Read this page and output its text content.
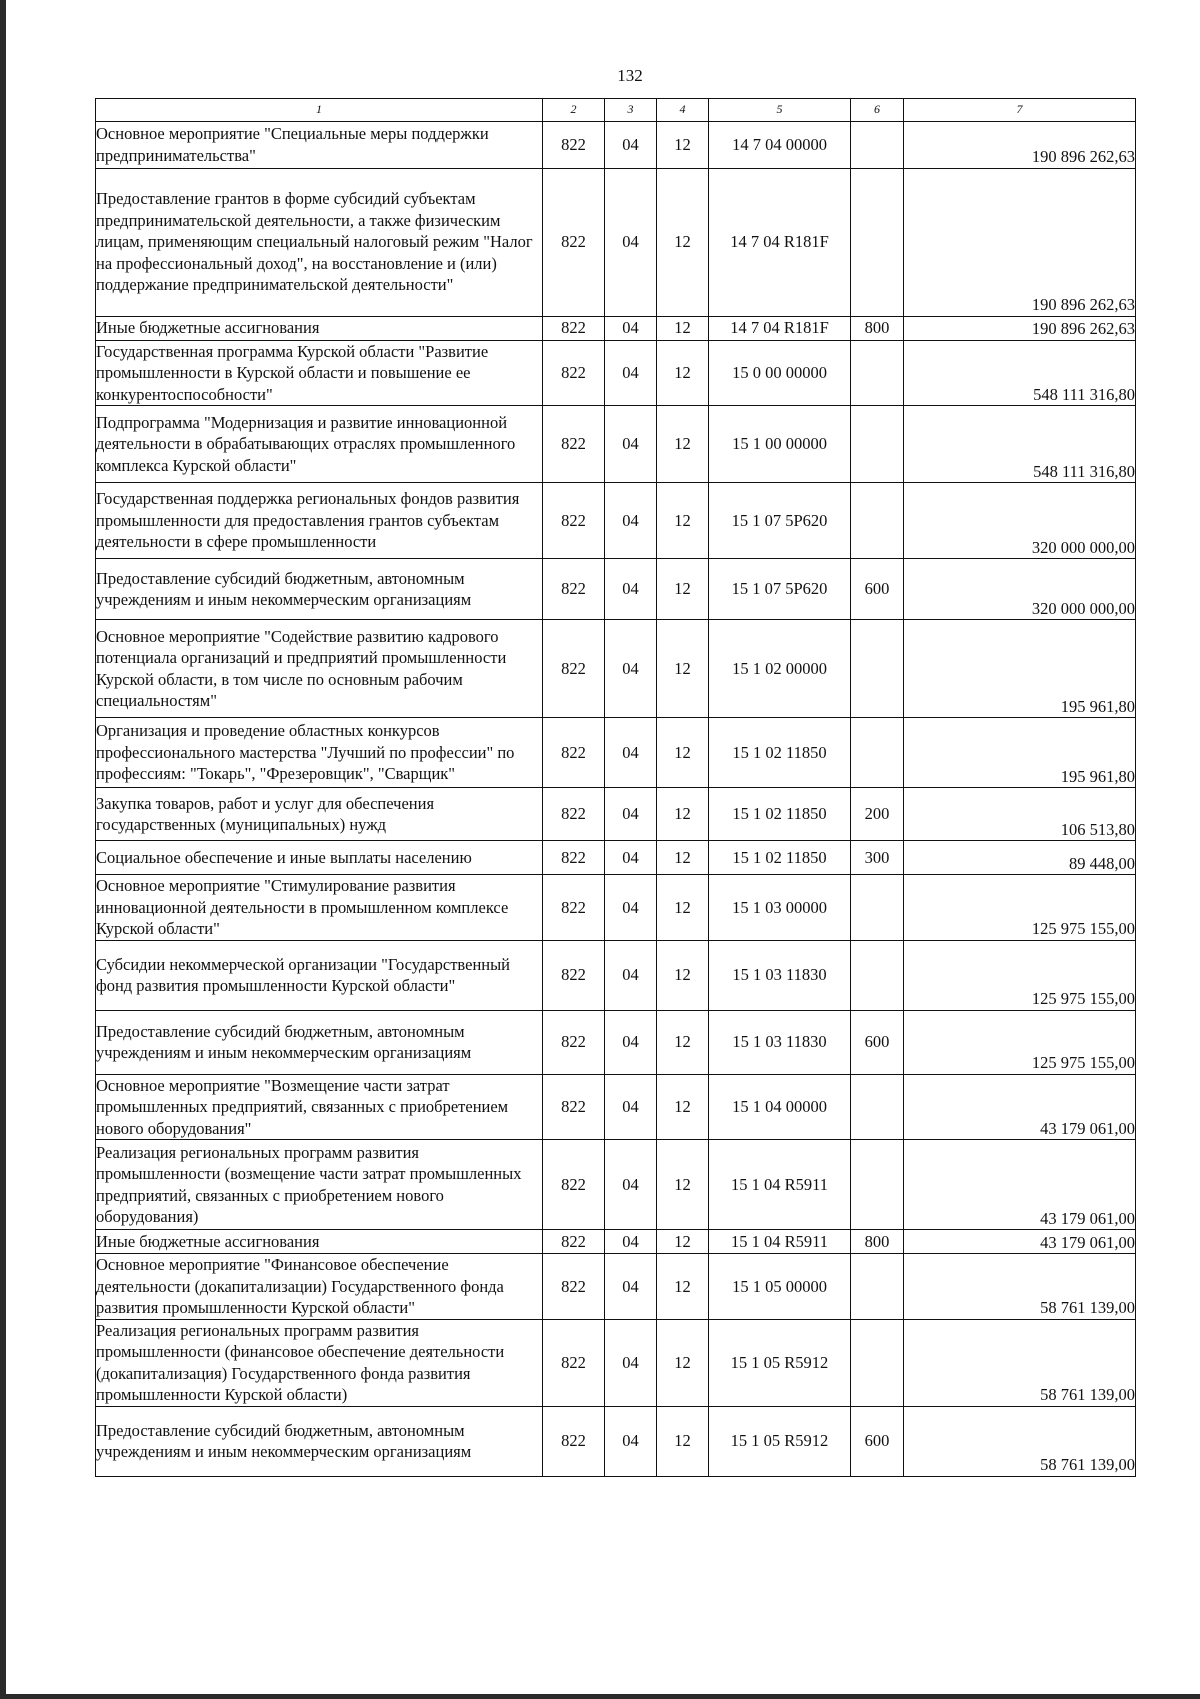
132
1	2	3	4	5	6	7
Основное мероприятие "Специальные меры поддержки предпринимательства"	822	04	12	14 7 04 00000		190 896 262,63
Предоставление грантов в форме субсидий субъектам предпринимательской деятельности, а также физическим лицам, применяющим специальный налоговый режим "Налог на профессиональный доход", на восстановление и (или) поддержание предпринимательской деятельности"	822	04	12	14 7 04 R181F		190 896 262,63
Иные бюджетные ассигнования	822	04	12	14 7 04 R181F	800	190 896 262,63
Государственная программа Курской области "Развитие промышленности в Курской области и повышение ее конкурентоспособности"	822	04	12	15 0 00 00000		548 111 316,80
Подпрограмма "Модернизация и развитие инновационной деятельности в обрабатывающих отраслях промышленного комплекса Курской области"	822	04	12	15 1 00 00000		548 111 316,80
Государственная поддержка региональных фондов развития промышленности для предоставления грантов субъектам деятельности в сфере промышленности	822	04	12	15 1 07 5Р620		320 000 000,00
Предоставление субсидий бюджетным, автономным учреждениям и иным некоммерческим организациям	822	04	12	15 1 07 5Р620	600	320 000 000,00
Основное мероприятие "Содействие развитию кадрового потенциала организаций и предприятий промышленности Курской области, в том числе по основным рабочим специальностям"	822	04	12	15 1 02 00000		195 961,80
Организация и проведение областных конкурсов профессионального мастерства "Лучший по профессии" по профессиям: "Токарь", "Фрезеровщик", "Сварщик"	822	04	12	15 1 02 11850		195 961,80
Закупка товаров, работ и услуг для обеспечения государственных (муниципальных) нужд	822	04	12	15 1 02 11850	200	106 513,80
Социальное обеспечение и иные выплаты населению	822	04	12	15 1 02 11850	300	89 448,00
Основное мероприятие "Стимулирование развития инновационной деятельности в промышленном комплексе Курской области"	822	04	12	15 1 03 00000		125 975 155,00
Субсидии некоммерческой организации "Государственный фонд развития промышленности Курской области"	822	04	12	15 1 03 11830		125 975 155,00
Предоставление субсидий бюджетным, автономным учреждениям и иным некоммерческим организациям	822	04	12	15 1 03 11830	600	125 975 155,00
Основное мероприятие "Возмещение части затрат промышленных предприятий, связанных с приобретением нового оборудования"	822	04	12	15 1 04 00000		43 179 061,00
Реализация региональных программ развития промышленности (возмещение части затрат промышленных предприятий, связанных с приобретением нового оборудования)	822	04	12	15 1 04 R5911		43 179 061,00
Иные бюджетные ассигнования	822	04	12	15 1 04 R5911	800	43 179 061,00
Основное мероприятие "Финансовое обеспечение деятельности (докапитализации) Государственного фонда развития промышленности Курской области"	822	04	12	15 1 05 00000		58 761 139,00
Реализация региональных программ развития промышленности (финансовое обеспечение деятельности (докапитализация) Государственного фонда развития промышленности Курской области)	822	04	12	15 1 05 R5912		58 761 139,00
Предоставление субсидий бюджетным, автономным учреждениям и иным некоммерческим организациям	822	04	12	15 1 05 R5912	600	58 761 139,00
